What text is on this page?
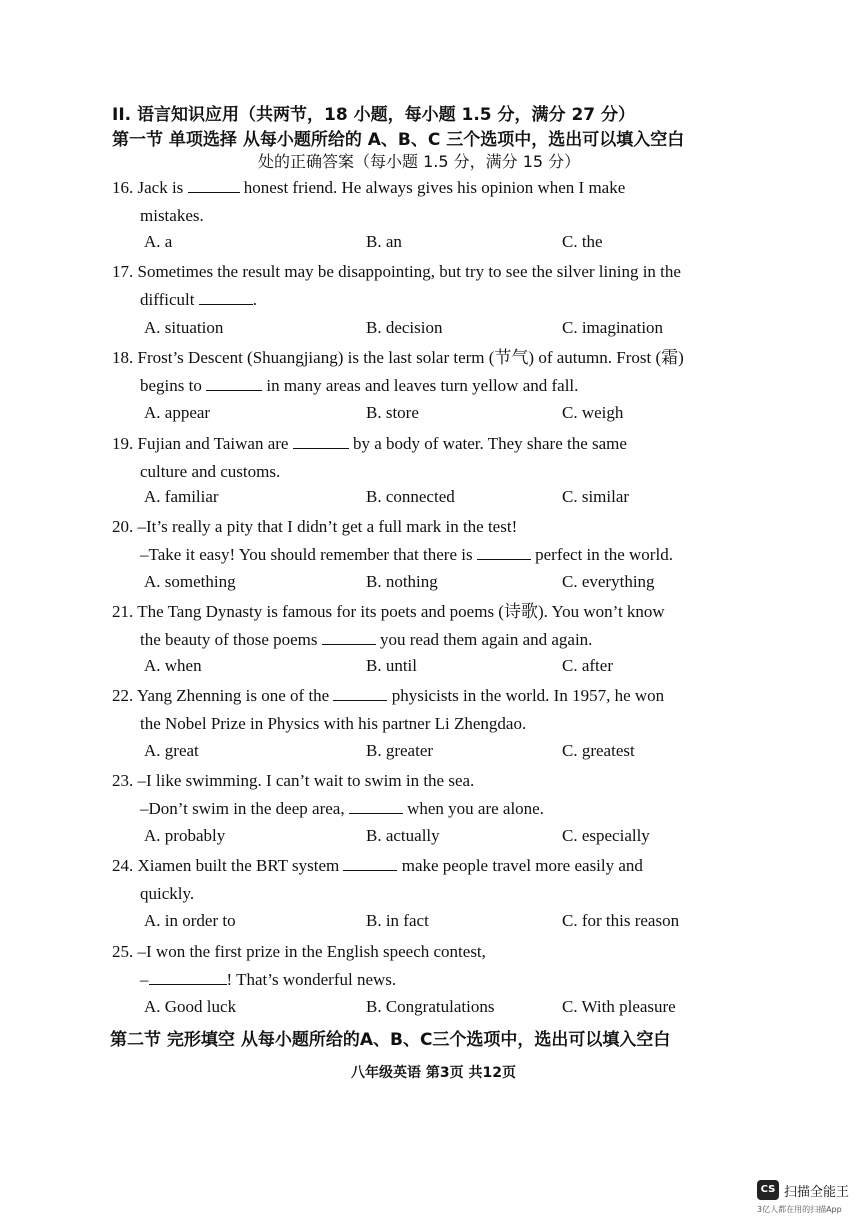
II. 语言知识应用（共两节，18 小题，每小题 1.5 分，满分 27 分）
第一节 单项选择 从每小题所给的 A、B、C 三个选项中，选出可以填入空白
处的正确答案（每小题 1.5 分，满分 15 分）
16. Jack is	honest friend. He always gives his opinion when I make
mistakes.
A. a	B. an	C. the
17. Sometimes the result may be disappointing, but try to see the silver lining in the
difficult	.
A. situation	B. decision	C. imagination
18. Frost’s Descent (Shuangjiang) is the last solar term (节气) of autumn. Frost (霜)
begins to	in many areas and leaves turn yellow and fall.
A. appear	B. store	C. weigh
19. Fujian and Taiwan are	by a body of water. They share the same
culture and customs.
A. familiar	B. connected	C. similar
20. –It’s really a pity that I didn’t get a full mark in the test!
–Take it easy! You should remember that there is	perfect in the world.
A. something	B. nothing	C. everything
21. The Tang Dynasty is famous for its poets and poems (诗歌). You won’t know
the beauty of those poems	you read them again and again.
A. when	B. until	C. after
22. Yang Zhenning is one of the	physicists in the world. In 1957, he won
the Nobel Prize in Physics with his partner Li Zhengdao.
A. great	B. greater	C. greatest
23. –I like swimming. I can’t wait to swim in the sea.
–Don’t swim in the deep area,	when you are alone.
A. probably	B. actually	C. especially
24. Xiamen built the BRT system	make people travel more easily and
quickly.
A. in order to	B. in fact	C. for this reason
25. –I won the first prize in the English speech contest,
–	! That’s wonderful news.
A. Good luck	B. Congratulations	C. With pleasure
第二节 完形填空 从每小题所给的A、B、C三个选项中，选出可以填入空白
八年级英语 第3页 共12页
CS 扫描全能王
3亿人都在用的扫描App
